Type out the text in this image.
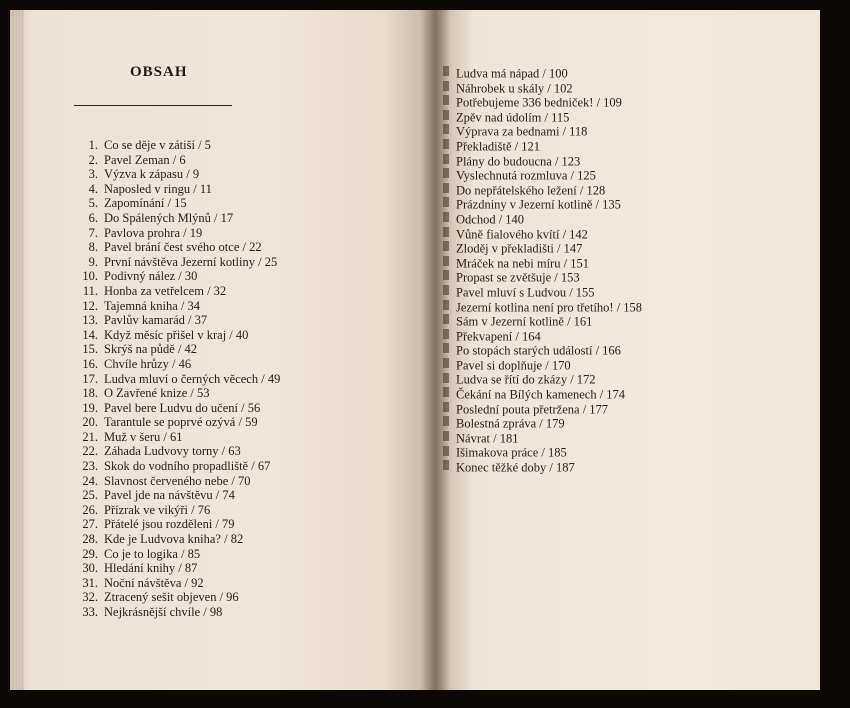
OBSAH
1. Co se děje v zátiší / 5
2. Pavel Zeman / 6
3. Výzva k zápasu / 9
4. Naposled v ringu / 11
5. Zapomínání / 15
6. Do Spálených Mlýnů / 17
7. Pavlova prohra / 19
8. Pavel brání čest svého otce / 22
9. První návštěva Jezerní kotliny / 25
10. Podivný nález / 30
11. Honba za vetřelcem / 32
12. Tajemná kniha / 34
13. Pavlův kamarád / 37
14. Když měsíc přišel v kraj / 40
15. Skrýš na půdě / 42
16. Chvíle hrůzy / 46
17. Ludva mluví o černých věcech / 49
18. O Zavřené knize / 53
19. Pavel bere Ludvu do učení / 56
20. Tarantule se poprvé ozývá / 59
21. Muž v šeru / 61
22. Záhada Ludvovy torny / 63
23. Skok do vodního propadliště / 67
24. Slavnost červeného nebe / 70
25. Pavel jde na návštěvu / 74
26. Přízrak ve vikýři / 76
27. Přátelé jsou rozděleni / 79
28. Kde je Ludvova kniha? / 82
29. Co je to logika / 85
30. Hledání knihy / 87
31. Noční návštěva / 92
32. Ztracený sešit objeven / 96
33. Nejkrásnější chvíle / 98
Ludva má nápad / 100
Náhrobek u skály / 102
Potřebujeme 336 bedniček! / 109
Zpěv nad údolím / 115
Výprava za bednami / 118
Překladiště / 121
Plány do budoucna / 123
Vyslechnutá rozmluva / 125
Do nepřátelského ležení / 128
Prázdniny v Jezerní kotlině / 135
Odchod / 140
Vůně fialového kvítí / 142
Zloděj v překladišti / 147
Mráček na nebi míru / 151
Propast se zvětšuje / 153
Pavel mluví s Ludvou / 155
Jezerní kotlina není pro třetího! / 158
Sám v Jezerní kotlině / 161
Překvapení / 164
Po stopách starých událostí / 166
Pavel si doplňuje / 170
Ludva se řítí do zkázy / 172
Čekání na Bílých kamenech / 174
Poslední pouta přetržena / 177
Bolestná zpráva / 179
Návrat / 181
Išimakova práce / 185
Konec těžké doby / 187
